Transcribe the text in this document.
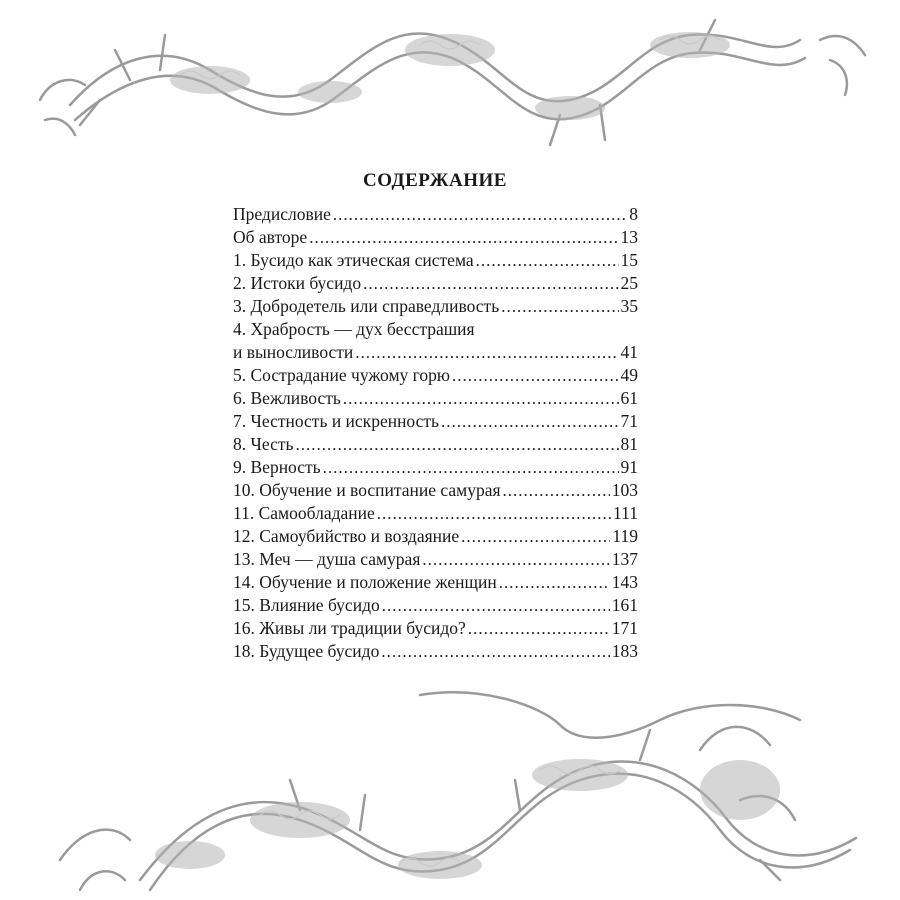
СОДЕРЖАНИЕ
Предисловие .....	8
Об авторе .....	13
1. Бусидо как этическая система .....	15
2. Истоки бусидо .....	25
3. Добродетель или справедливость .....	35
4. Храбрость — дух бесстрашия
и выносливости .....	41
5. Сострадание чужому горю .....	49
6. Вежливость .....	61
7. Честность и искренность .....	71
8. Честь .....	81
9. Верность .....	91
10. Обучение и воспитание самурая .....	103
11. Самообладание .....	111
12. Самоубийство и воздаяние .....	119
13. Меч — душа самурая .....	137
14. Обучение и положение женщин .....	143
15. Влияние бусидо .....	161
16. Живы ли традиции бусидо? .....	171
18. Будущее бусидо .....	183
